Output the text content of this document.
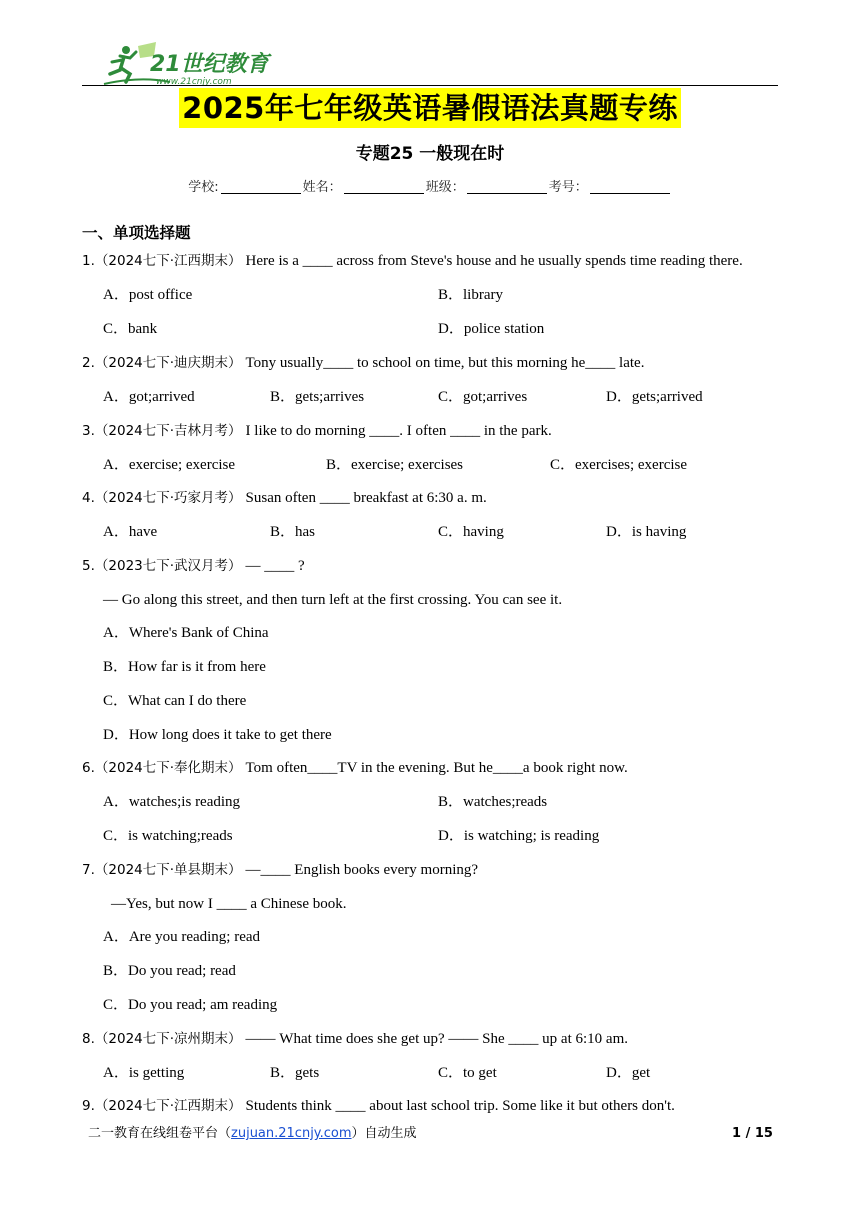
21世纪教育
www.21cnjy.com
2025年七年级英语暑假语法真题专练
专题25 一般现在时
学校:	姓名：	班级：	考号：
一、单项选择题
1.（2024七下·江西期末） Here is a ____ across from Steve's house and he usually spends time reading there.
A．post office	B．library
C．bank	D．police station
2.（2024七下·迪庆期末） Tony usually____ to school on time, but this morning he____ late.
A．got;arrived	B．gets;arrives	C．got;arrives	D．gets;arrived
3.（2024七下·吉林月考） I like to do morning ____. I often ____ in the park.
A．exercise; exercise	B．exercise; exercises	C．exercises; exercise
4.（2024七下·巧家月考） Susan often ____ breakfast at 6:30 a. m.
A．have	B．has	C．having	D．is having
5.（2023七下·武汉月考） — ____ ?
— Go along this street, and then turn left at the first crossing. You can see it.
A．Where's Bank of China
B．How far is it from here
C．What can I do there
D．How long does it take to get there
6.（2024七下·奉化期末） Tom often____TV in the evening. But he____a book right now.
A．watches;is reading	B．watches;reads
C．is watching;reads	D．is watching; is reading
7.（2024七下·单县期末） —____ English books every morning?
—Yes, but now I ____ a Chinese book.
A．Are you reading; read
B．Do you read; read
C．Do you read; am reading
8.（2024七下·凉州期末） —— What time does she get up? —— She ____ up at 6:10 am.
A．is getting	B．gets	C．to get	D．get
9.（2024七下·江西期末） Students think ____ about last school trip. Some like it but others don't.
二一教育在线组卷平台（zujuan.21cnjy.com）自动生成	1 / 15
